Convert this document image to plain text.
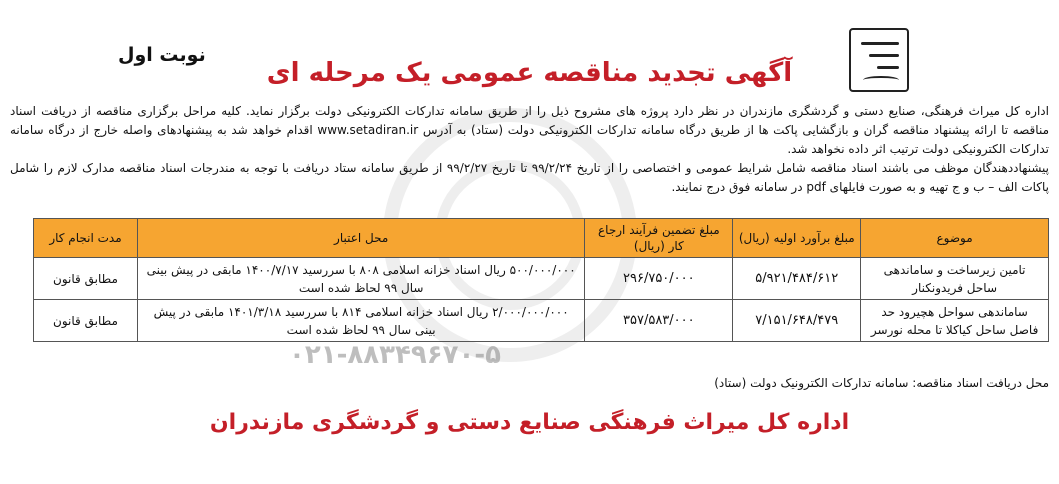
نوبت اول
آگهی تجدید مناقصه عمومی یک مرحله ای

اداره کل میراث فرهنگی، صنایع دستی و گردشگری مازندران در نظر دارد پروژه های مشروح ذیل را از طریق سامانه تدارکات الکترونیکی دولت برگزار نماید. کلیه مراحل برگزاری مناقصه از دریافت اسناد مناقصه تا ارائه پیشنهاد مناقصه گران و بازگشایی پاکت ها از طریق درگاه سامانه تدارکات الکترونیکی دولت (ستاد) به آدرس www.setadiran.ir اقدام خواهد شد به پیشنهادهای واصله خارج از درگاه سامانه تدارکات الکترونیکی دولت ترتیب اثر داده نخواهد شد.

پیشنهاددهندگان موظف می باشند اسناد مناقصه شامل شرایط عمومی و اختصاصی را از تاریخ ۹۹/۲/۲۴ تا تاریخ ۹۹/۲/۲۷ از طریق سامانه ستاد دریافت با توجه به مندرجات اسناد مناقصه مدارک لازم را شامل پاکات الف – ب و ج تهیه و به صورت فایلهای pdf در سامانه فوق درج نمایند.

موضوع	مبلغ برآورد اولیه (ریال)	مبلغ تضمین فرآیند ارجاع کار (ریال)	محل اعتبار	مدت انجام کار
تامین زیرساخت و ساماندهی ساحل فریدونکنار	۵/۹۲۱/۴۸۴/۶۱۲	۲۹۶/۷۵۰/۰۰۰	۵۰۰/۰۰۰/۰۰۰ ریال اسناد خزانه اسلامی ۸۰۸ با سررسید ۱۴۰۰/۷/۱۷ مابقی در پیش بینی سال ۹۹ لحاظ شده است	مطابق قانون
ساماندهی سواحل هچیرود حد فاصل ساحل کیاکلا تا محله نورسر	۷/۱۵۱/۶۴۸/۴۷۹	۳۵۷/۵۸۳/۰۰۰	۲/۰۰۰/۰۰۰/۰۰۰ ریال اسناد خزانه اسلامی ۸۱۴ با سررسید ۱۴۰۱/۳/۱۸ مابقی در پیش بینی سال ۹۹ لحاظ شده است	مطابق قانون
۰۲۱-۸۸۳۴۹۶۷۰-۵
محل دریافت اسناد مناقصه: سامانه تدارکات الکترونیک دولت (ستاد)
اداره کل میراث فرهنگی صنایع دستی و گردشگری مازندران
